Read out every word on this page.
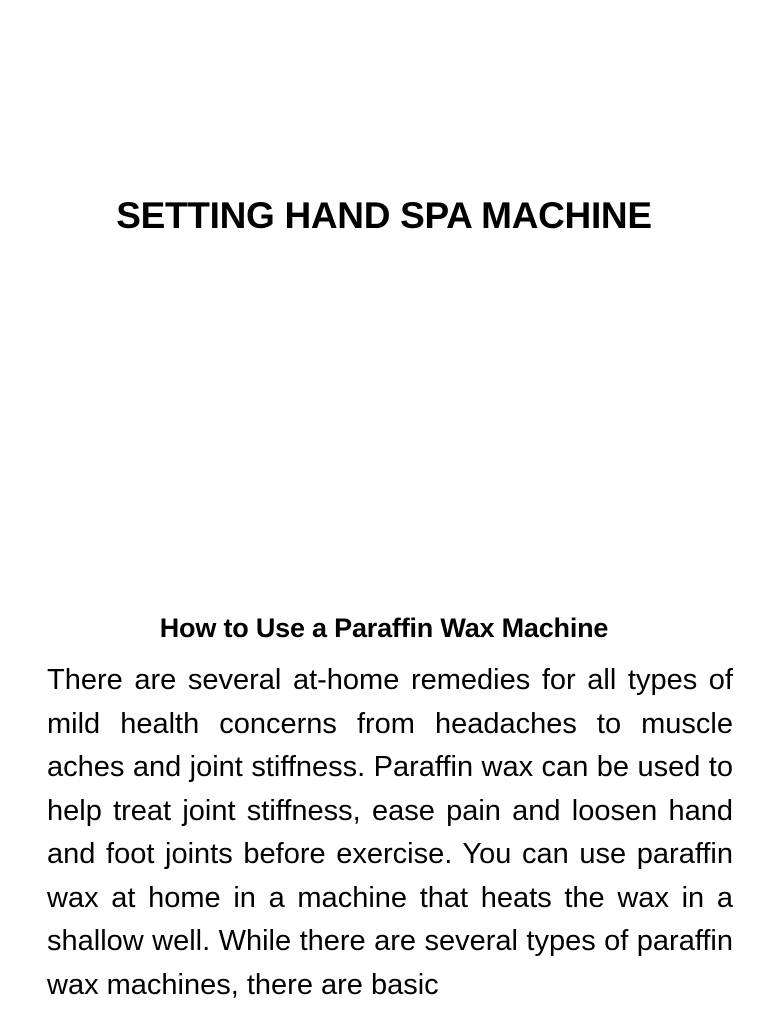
SETTING HAND SPA MACHINE
How to Use a Paraffin Wax Machine

There are several at-home remedies for all types of mild health concerns from headaches to muscle aches and joint stiffness. Paraffin wax can be used to help treat joint stiffness, ease pain and loosen hand and foot joints before exercise. You can use paraffin wax at home in a machine that heats the wax in a shallow well. While there are several types of paraffin wax machines, there are basic
